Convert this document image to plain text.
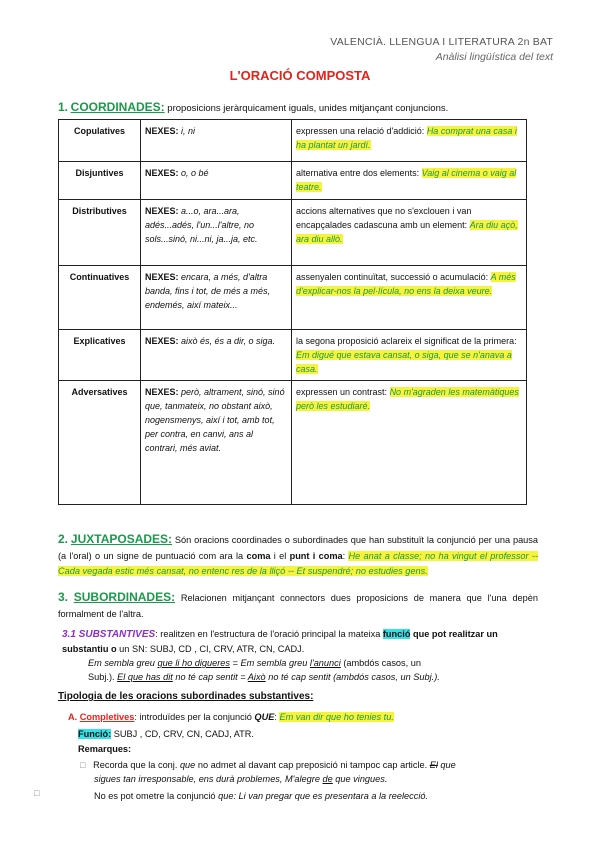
VALENCIÀ. LLENGUA I LITERATURA 2n BAT
Anàlisi lingüística del text
L'ORACIÓ COMPOSTA
1. COORDINADES: proposicions jeràrquicament iguals, unides mitjançant conjuncions.
Copulatives	NEXES: i, ni	expressen una relació d'addició: Ha comprat una casa i ha plantat un jardí.
Disjuntives	NEXES: o, o bé	alternativa entre dos elements: Vaig al cinema o vaig al teatre.
Distributives	NEXES: a...o, ara...ara, adés...adés, l'un...l'altre, no sols...sinó, ni...ni, ja...ja, etc.	accions alternatives que no s'exclouen i van encapçalades cadascuna amb un element: Ara diu açò, ara diu allò.
Continuatives	NEXES: encara, a més, d'altra banda, fins i tot, de més a més, endemés, així mateix...	assenyalen continuïtat, successió o acumulació: A més d'explicar-nos la pel·lícula, no ens la deixa veure.
Explicatives	NEXES: això és, és a dir, o siga.	la segona proposició aclareix el significat de la primera: Em digué que estava cansat, o siga, que se n'anava a casa.
Adversatives	NEXES: però, altrament, sinó, sinó que, tanmateix, no obstant això, nogensmenys, així i tot, amb tot, per contra, en canvi, ans al contrari, més aviat.	expressen un contrast: No m'agraden les matemàtiques però les estudiaré.
2. JUXTAPOSADES: Són oracions coordinades o subordinades que han substituït la conjunció per una pausa (a l'oral) o un signe de puntuació com ara la coma i el punt i coma: He anat a classe; no ha vingut el professor -- Cada vegada estic més cansat, no entenc res de la lliçó -- Et suspendré; no estudies gens.
3. SUBORDINADES: Relacionen mitjançant connectors dues proposicions de manera que l'una depèn formalment de l'altra.
3.1 SUBSTANTIVES: realitzen en l'estructura de l'oració principal la mateixa funció que pot realitzar un substantiu o un SN: SUBJ, CD , CI, CRV, ATR, CN, CADJ.
Em sembla greu que li ho digueres = Em sembla greu l'anunci (ambdós casos, un
Subj.). El que has dit no té cap sentit = Això no té cap sentit (ambdós casos, un Subj.).
Tipologia de les oracions subordinades substantives:
A. Completives: introduïdes per la conjunció QUE: Em van dir que ho tenies tu.
Funció: SUBJ , CD, CRV, CN, CADJ, ATR.
Remarques:
□ Recorda que la conj. que no admet al davant cap preposició ni tampoc cap article. El que
sigues tan irresponsable, ens durà problemes, M'alegre de que vingues.
□	No es pot ometre la conjunció que: Li van pregar que es presentara a la reelecció.
